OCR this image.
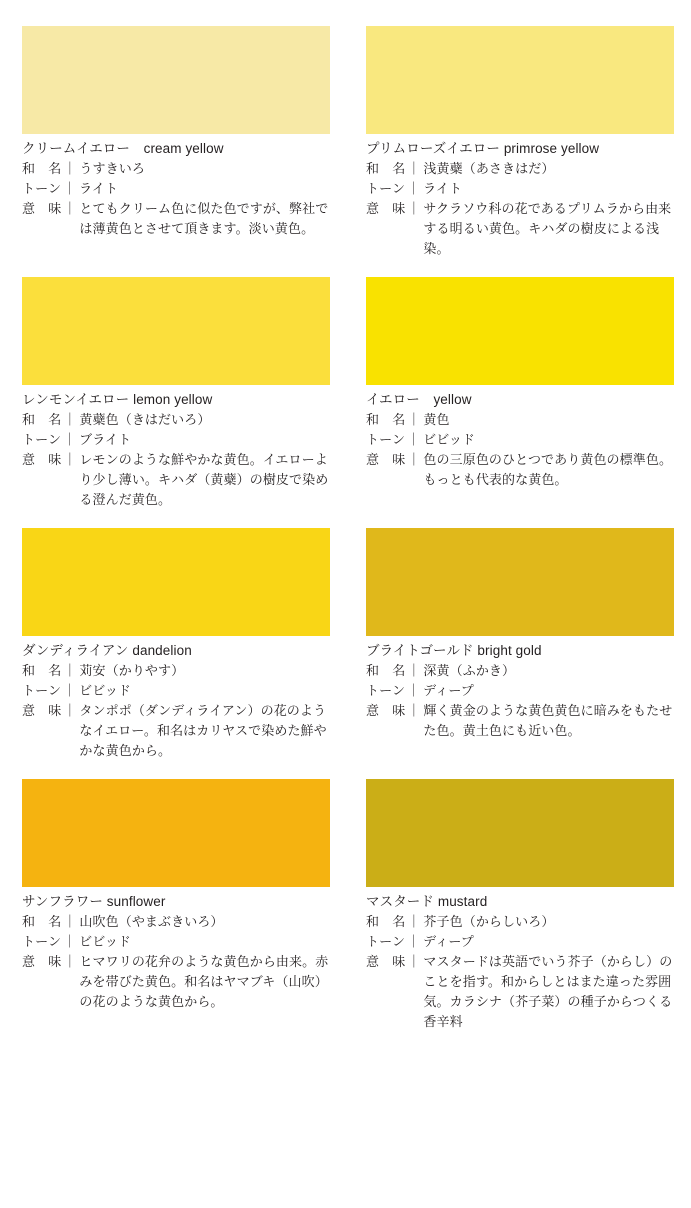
クリームイエロー　cream yellow
和　名 ｜ うすきいろ
トーン ｜ ライト
意　味 ｜ とてもクリーム色に似た色ですが、弊社では薄黄色とさせて頂きます。淡い黄色。
プリムローズイエロー primrose yellow
和　名 ｜ 浅黄蘗（あさきはだ）
トーン ｜ ライト
意　味 ｜ サクラソウ科の花であるプリムラから由来する明るい黄色。キハダの樹皮による浅染。
レンモンイエロー lemon yellow
和　名 ｜ 黄蘗色（きはだいろ）
トーン ｜ ブライト
意　味 ｜ レモンのような鮮やかな黄色。イエローより少し薄い。キハダ（黄蘗）の樹皮で染める澄んだ黄色。
イエロー　yellow
和　名 ｜ 黄色
トーン ｜ ビビッド
意　味 ｜ 色の三原色のひとつであり黄色の標準色。もっとも代表的な黄色。
ダンディライアン dandelion
和　名 ｜ 苅安（かりやす）
トーン ｜ ビビッド
意　味 ｜ タンポポ（ダンディライアン）の花のようなイエロー。和名はカリヤスで染めた鮮やかな黄色から。
ブライトゴールド bright gold
和　名 ｜ 深黄（ふかき）
トーン ｜ ディープ
意　味 ｜ 輝く黄金のような黄色黄色に暗みをもたせた色。黄土色にも近い色。
サンフラワー sunflower
和　名 ｜ 山吹色（やまぶきいろ）
トーン ｜ ビビッド
意　味 ｜ ヒマワリの花弁のような黄色から由来。赤みを帯びた黄色。和名はヤマブキ（山吹）の花のような黄色から。
マスタード mustard
和　名 ｜ 芥子色（からしいろ）
トーン ｜ ディープ
意　味 ｜ マスタードは英語でいう芥子（からし）のことを指す。和からしとはまた違った雰囲気。カラシナ（芥子菜）の種子からつくる香辛料
